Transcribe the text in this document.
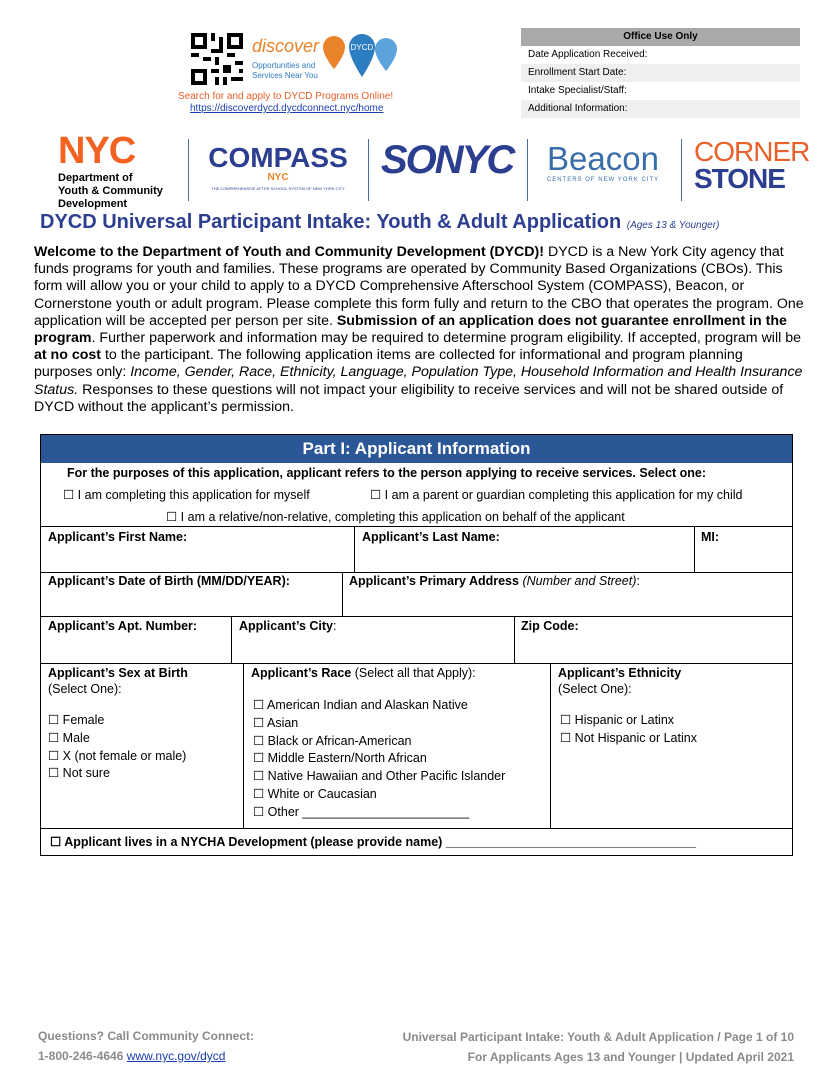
discover
Opportunities and
Services Near You
DYCD
Search for and apply to DYCD Programs Online!
https://discoverdycd.dycdconnect.nyc/home
Office Use Only
Date Application Received:
Enrollment Start Date:
Intake Specialist/Staff:
Additional Information:
NYC
Department of
Youth & Community
Development
COMPASS
NYC
THE COMPREHENSIVE AFTER SCHOOL SYSTEM OF NEW YORK CITY
SONYC Beacon
CENTERS OF NEW YORK CITY
CORNER
STONE
DYCD Universal Participant Intake: Youth & Adult Application (Ages 13 & Younger)
Welcome to the Department of Youth and Community Development (DYCD)! DYCD is a New York City agency that funds programs for youth and families. These programs are operated by Community Based Organizations (CBOs). This form will allow you or your child to apply to a DYCD Comprehensive Afterschool System (COMPASS), Beacon, or Cornerstone youth or adult program. Please complete this form fully and return to the CBO that operates the program. One application will be accepted per person per site. Submission of an application does not guarantee enrollment in the program. Further paperwork and information may be required to determine program eligibility. If accepted, program will be at no cost to the participant. The following application items are collected for informational and program planning purposes only: Income, Gender, Race, Ethnicity, Language, Population Type, Household Information and Health Insurance Status. Responses to these questions will not impact your eligibility to receive services and will not be shared outside of DYCD without the applicant’s permission.
Part I: Applicant Information
For the purposes of this application, applicant refers to the person applying to receive services. Select one:
☐ I am completing this application for myself	☐ I am a parent or guardian completing this application for my child
☐ I am a relative/non-relative, completing this application on behalf of the applicant
Applicant’s First Name:	Applicant’s Last Name:	MI:
Applicant’s Date of Birth (MM/DD/YEAR):	Applicant’s Primary Address (Number and Street):
Applicant’s Apt. Number:	Applicant’s City:	Zip Code:
Applicant’s Sex at Birth
(Select One):
☐ Female
☐ Male
☐ X (not female or male)
☐ Not sure
Applicant’s Race (Select all that Apply):
☐ American Indian and Alaskan Native
☐ Asian
☐ Black or African-American
☐ Middle Eastern/North African
☐ Native Hawaiian and Other Pacific Islander
☐ White or Caucasian
☐ Other ________________________
Applicant’s Ethnicity
(Select One):
☐ Hispanic or Latinx
☐ Not Hispanic or Latinx
☐ Applicant lives in a NYCHA Development (please provide name) ____________________________________
Questions? Call Community Connect:
1-800-246-4646 www.nyc.gov/dycd
Universal Participant Intake: Youth & Adult Application / Page 1 of 10
For Applicants Ages 13 and Younger | Updated April 2021
